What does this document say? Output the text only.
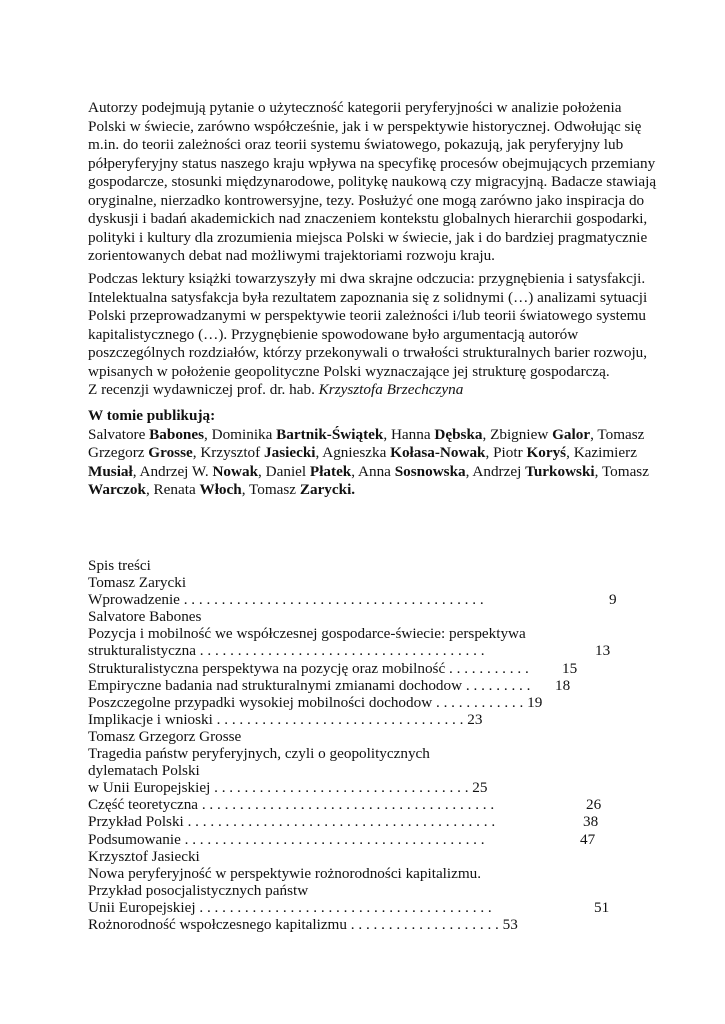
Autorzy podejmują pytanie o użyteczność kategorii peryferyjności w analizie położenia
Polski w świecie, zarówno współcześnie, jak i w perspektywie historycznej. Odwołując się
m.in. do teorii zależności oraz teorii systemu światowego, pokazują, jak peryferyjny lub
półperyferyjny status naszego kraju wpływa na specyfikę procesów obejmujących przemiany
gospodarcze, stosunki międzynarodowe, politykę naukową czy migracyjną. Badacze stawiają
oryginalne, nierzadko kontrowersyjne, tezy. Posłużyć one mogą zarówno jako inspiracja do
dyskusji i badań akademickich nad znaczeniem kontekstu globalnych hierarchii gospodarki,
polityki i kultury dla zrozumienia miejsca Polski w świecie, jak i do bardziej pragmatycznie
zorientowanych debat nad możliwymi trajektoriami rozwoju kraju.
Podczas lektury książki towarzyszyły mi dwa skrajne odczucia: przygnębienia i satysfakcji.
Intelektualna satysfakcja była rezultatem zapoznania się z solidnymi (…) analizami sytuacji
Polski przeprowadzanymi w perspektywie teorii zależności i/lub teorii światowego systemu
kapitalistycznego (…). Przygnębienie spowodowane było argumentacją autorów
poszczególnych rozdziałów, którzy przekonywali o trwałości strukturalnych barier rozwoju,
wpisanych w położenie geopolityczne Polski wyznaczające jej strukturę gospodarczą.
Z recenzji wydawniczej prof. dr. hab. Krzysztofa Brzechczyna
W tomie publikują:
Salvatore Babones, Dominika Bartnik-Świątek, Hanna Dębska, Zbigniew Galor, Tomasz
Grzegorz Grosse, Krzysztof Jasiecki, Agnieszka Kołasa-Nowak, Piotr Koryś, Kazimierz
Musiał, Andrzej W. Nowak, Daniel Płatek, Anna Sosnowska, Andrzej Turkowski, Tomasz
Warczok, Renata Włoch, Tomasz Zarycki.
Spis treści
Tomasz Zarycki
Wprowadzenie . . . . . . . . . . . . . . . . . . . . . . . . . . . . . . . . . . . . . . . .	9
Salvatore Babones
Pozycja i mobilność we współczesnej gospodarce-świecie: perspektywa
strukturalistyczna . . . . . . . . . . . . . . . . . . . . . . . . . . . . . . . . . . . . . .	13
Strukturalistyczna perspektywa na pozycję oraz mobilność . . . . . . . . . . . 15
Empiryczne badania nad strukturalnymi zmianami dochodow . . . . . . . . . 18
Poszczegolne przypadki wysokiej mobilności dochodow . . . . . . . . . . . . 19
Implikacje i wnioski . . . . . . . . . . . . . . . . . . . . . . . . . . . . . . . . . 23
Tomasz Grzegorz Grosse
Tragedia państw peryferyjnych, czyli o geopolitycznych
dylematach Polski
w Unii Europejskiej . . . . . . . . . . . . . . . . . . . . . . . . . . . . . . . . . . 25
Część teoretyczna . . . . . . . . . . . . . . . . . . . . . . . . . . . . . . . . . . . . . . .	26
Przykład Polski . . . . . . . . . . . . . . . . . . . . . . . . . . . . . . . . . . . . . . . . .	38
Podsumowanie . . . . . . . . . . . . . . . . . . . . . . . . . . . . . . . . . . . . . . . .	47
Krzysztof Jasiecki
Nowa peryferyjność w perspektywie rożnorodności kapitalizmu.
Przykład posocjalistycznych państw
Unii Europejskiej . . . . . . . . . . . . . . . . . . . . . . . . . . . . . . . . . . . . . . .	51
Rożnorodność wspołczesnego kapitalizmu . . . . . . . . . . . . . . . . . . . . 53
